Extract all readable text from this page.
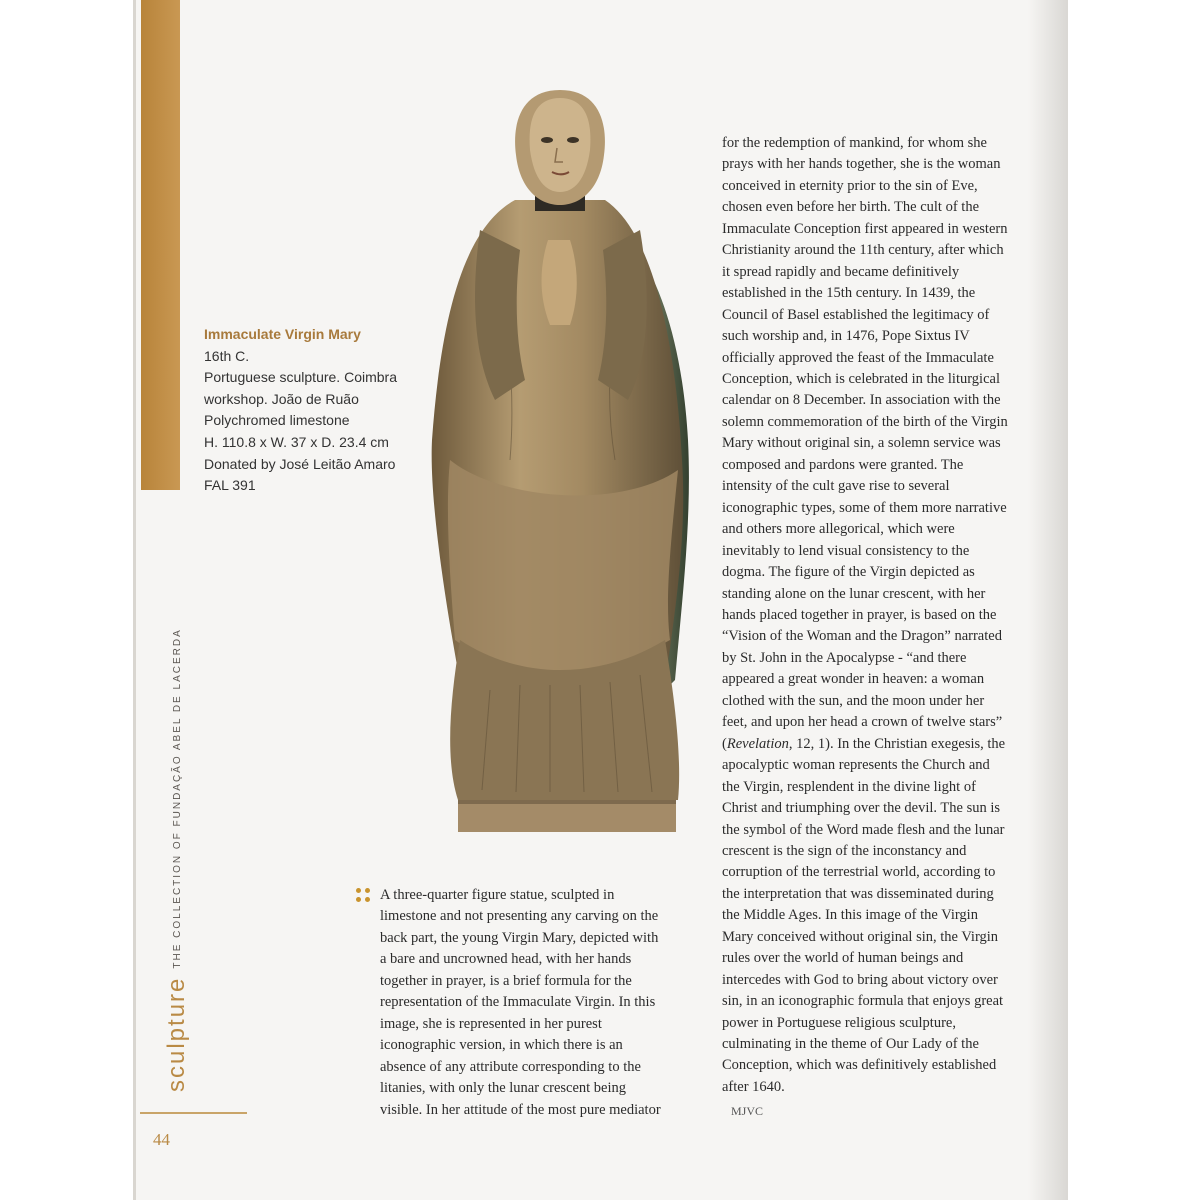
sculpture$^{THE COLLECTION OF FUNDAÇÃO ABEL DE LACERDA}$
44
Immaculate Virgin Mary
16th C.
Portuguese sculpture. Coimbra
workshop. João de Ruão
Polychromed limestone
H. 110.8 x W. 37 x D. 23.4 cm
Donated by José Leitão Amaro
FAL 391
A three-quarter figure statue, sculpted in
limestone and not presenting any carving on the
back part, the young Virgin Mary, depicted with
a bare and uncrowned head, with her hands
together in prayer, is a brief formula for the
representation of the Immaculate Virgin. In this
image, she is represented in her purest
iconographic version, in which there is an
absence of any attribute corresponding to the
litanies, with only the lunar crescent being
visible. In her attitude of the most pure mediator
for the redemption of mankind, for whom she
prays with her hands together, she is the woman
conceived in eternity prior to the sin of Eve,
chosen even before her birth. The cult of the
Immaculate Conception first appeared in western
Christianity around the 11th century, after which
it spread rapidly and became definitively
established in the 15th century. In 1439, the
Council of Basel established the legitimacy of
such worship and, in 1476, Pope Sixtus IV
officially approved the feast of the Immaculate
Conception, which is celebrated in the liturgical
calendar on 8 December. In association with the
solemn commemoration of the birth of the Virgin
Mary without original sin, a solemn service was
composed and pardons were granted. The
intensity of the cult gave rise to several
iconographic types, some of them more narrative
and others more allegorical, which were
inevitably to lend visual consistency to the
dogma. The figure of the Virgin depicted as
standing alone on the lunar crescent, with her
hands placed together in prayer, is based on the
“Vision of the Woman and the Dragon” narrated
by St. John in the Apocalypse - “and there
appeared a great wonder in heaven: a woman
clothed with the sun, and the moon under her
feet, and upon her head a crown of twelve stars”
(Revelation, 12, 1). In the Christian exegesis, the
apocalyptic woman represents the Church and
the Virgin, resplendent in the divine light of
Christ and triumphing over the devil. The sun is
the symbol of the Word made flesh and the lunar
crescent is the sign of the inconstancy and
corruption of the terrestrial world, according to
the interpretation that was disseminated during
the Middle Ages. In this image of the Virgin
Mary conceived without original sin, the Virgin
rules over the world of human beings and
intercedes with God to bring about victory over
sin, in an iconographic formula that enjoys great
power in Portuguese religious sculpture,
culminating in the theme of Our Lady of the
Conception, which was definitively established
after 1640.
MJVC
